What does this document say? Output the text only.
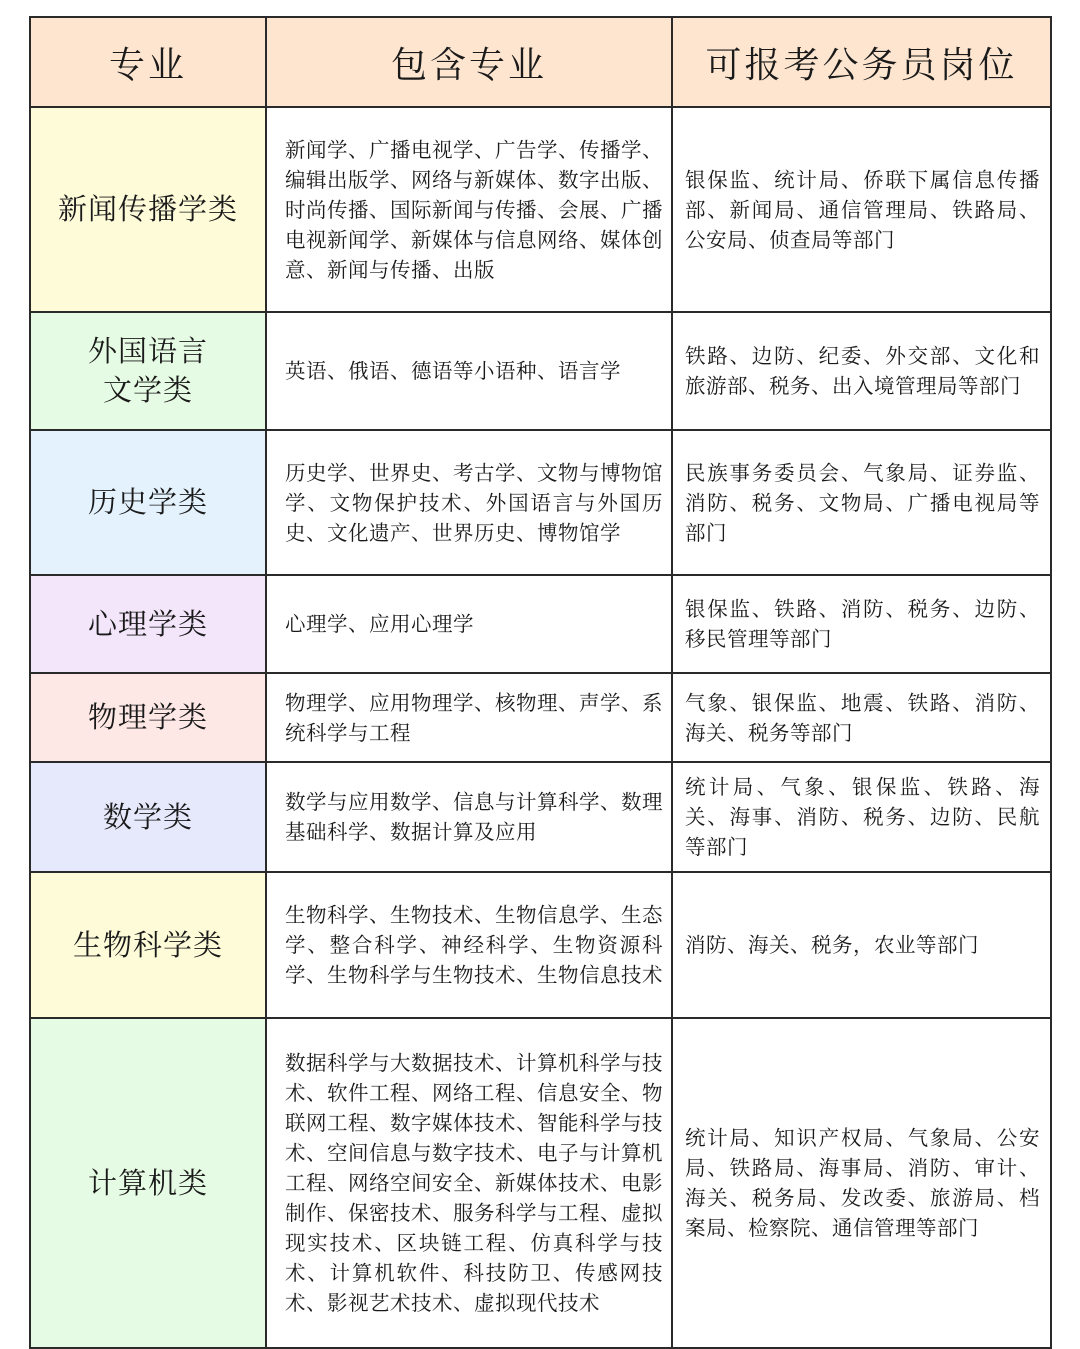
专业	包含专业	可报考公务员岗位

新闻传播学类	新闻学、广播电视学、广告学、传播学、编辑出版学、网络与新媒体、数字出版、时尚传播、国际新闻与传播、会展、广播电视新闻学、新媒体与信息网络、媒体创意、新闻与传播、出版	银保监、统计局、侨联下属信息传播部、新闻局、通信管理局、铁路局、公安局、侦查局等部门

外国语言文学类	英语、俄语、德语等小语种、语言学	铁路、边防、纪委、外交部、文化和旅游部、税务、出入境管理局等部门

历史学类	历史学、世界史、考古学、文物与博物馆学、文物保护技术、外国语言与外国历史、文化遗产、世界历史、博物馆学	民族事务委员会、气象局、证券监、消防、税务、文物局、广播电视局等部门

心理学类	心理学、应用心理学	银保监、铁路、消防、税务、边防、移民管理等部门

物理学类	物理学、应用物理学、核物理、声学、系统科学与工程	气象、银保监、地震、铁路、消防、海关、税务等部门

数学类	数学与应用数学、信息与计算科学、数理基础科学、数据计算及应用	统计局、气象、银保监、铁路、海关、海事、消防、税务、边防、民航等部门

生物科学类	生物科学、生物技术、生物信息学、生态学、整合科学、神经科学、生物资源科学、生物科学与生物技术、生物信息技术	消防、海关、税务，农业等部门

计算机类	数据科学与大数据技术、计算机科学与技术、软件工程、网络工程、信息安全、物联网工程、数字媒体技术、智能科学与技术、空间信息与数字技术、电子与计算机工程、网络空间安全、新媒体技术、电影制作、保密技术、服务科学与工程、虚拟现实技术、区块链工程、仿真科学与技术、计算机软件、科技防卫、传感网技术、影视艺术技术、虚拟现代技术	统计局、知识产权局、气象局、公安局、铁路局、海事局、消防、审计、海关、税务局、发改委、旅游局、档案局、检察院、通信管理等部门
